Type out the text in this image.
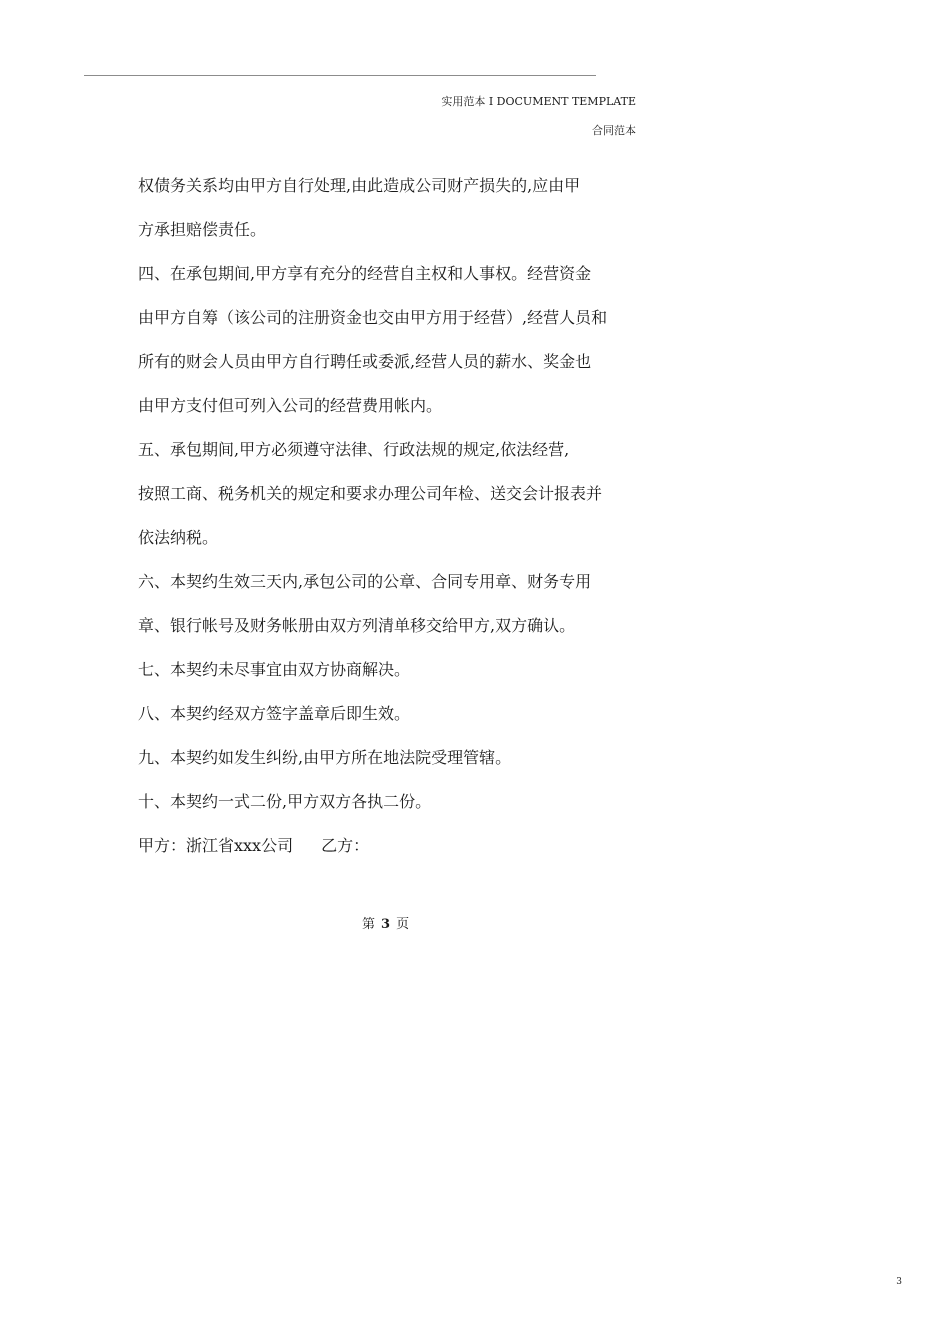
实用范本 I DOCUMENT TEMPLATE
合同范本
权债务关系均由甲方自行处理,由此造成公司财产损失的,应由甲
方承担赔偿责任。
四、在承包期间,甲方享有充分的经营自主权和人事权。经营资金
由甲方自筹（该公司的注册资金也交由甲方用于经营）,经营人员和
所有的财会人员由甲方自行聘任或委派,经营人员的薪水、奖金也
由甲方支付但可列入公司的经营费用帐内。
五、承包期间,甲方必须遵守法律、行政法规的规定,依法经营,
按照工商、税务机关的规定和要求办理公司年检、送交会计报表并
依法纳税。
六、本契约生效三天内,承包公司的公章、合同专用章、财务专用
章、银行帐号及财务帐册由双方列清单移交给甲方,双方确认。
七、本契约未尽事宜由双方协商解决。
八、本契约经双方签字盖章后即生效。
九、本契约如发生纠纷,由甲方所在地法院受理管辖。
十、本契约一式二份,甲方双方各执二份。
甲方：浙江省xxx公司 乙方：
第 3 页
3
